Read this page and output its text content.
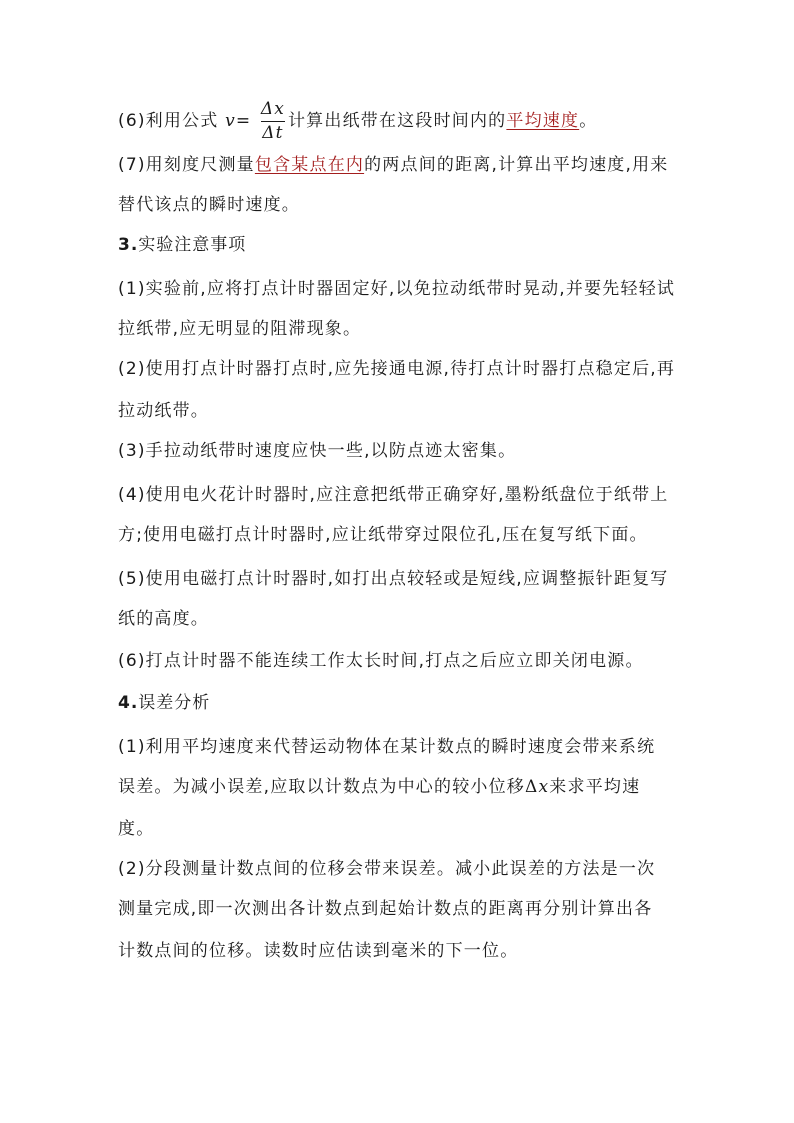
(6)利用公式 $v= \frac{\Delta x}{\Delta t}$ 计算出纸带在这段时间内的平均速度。
(7)用刻度尺测量包含某点在内的两点间的距离,计算出平均速度,用来
替代该点的瞬时速度。
3.实验注意事项
(1)实验前,应将打点计时器固定好,以免拉动纸带时晃动,并要先轻轻试
拉纸带,应无明显的阻滞现象。
(2)使用打点计时器打点时,应先接通电源,待打点计时器打点稳定后,再
拉动纸带。
(3)手拉动纸带时速度应快一些,以防点迹太密集。
(4)使用电火花计时器时,应注意把纸带正确穿好,墨粉纸盘位于纸带上
方;使用电磁打点计时器时,应让纸带穿过限位孔,压在复写纸下面。
(5)使用电磁打点计时器时,如打出点较轻或是短线,应调整振针距复写
纸的高度。
(6)打点计时器不能连续工作太长时间,打点之后应立即关闭电源。
4.误差分析
(1)利用平均速度来代替运动物体在某计数点的瞬时速度会带来系统
误差。为减小误差,应取以计数点为中心的较小位移Δx来求平均速
度。
(2)分段测量计数点间的位移会带来误差。减小此误差的方法是一次
测量完成,即一次测出各计数点到起始计数点的距离再分别计算出各
计数点间的位移。读数时应估读到毫米的下一位。
